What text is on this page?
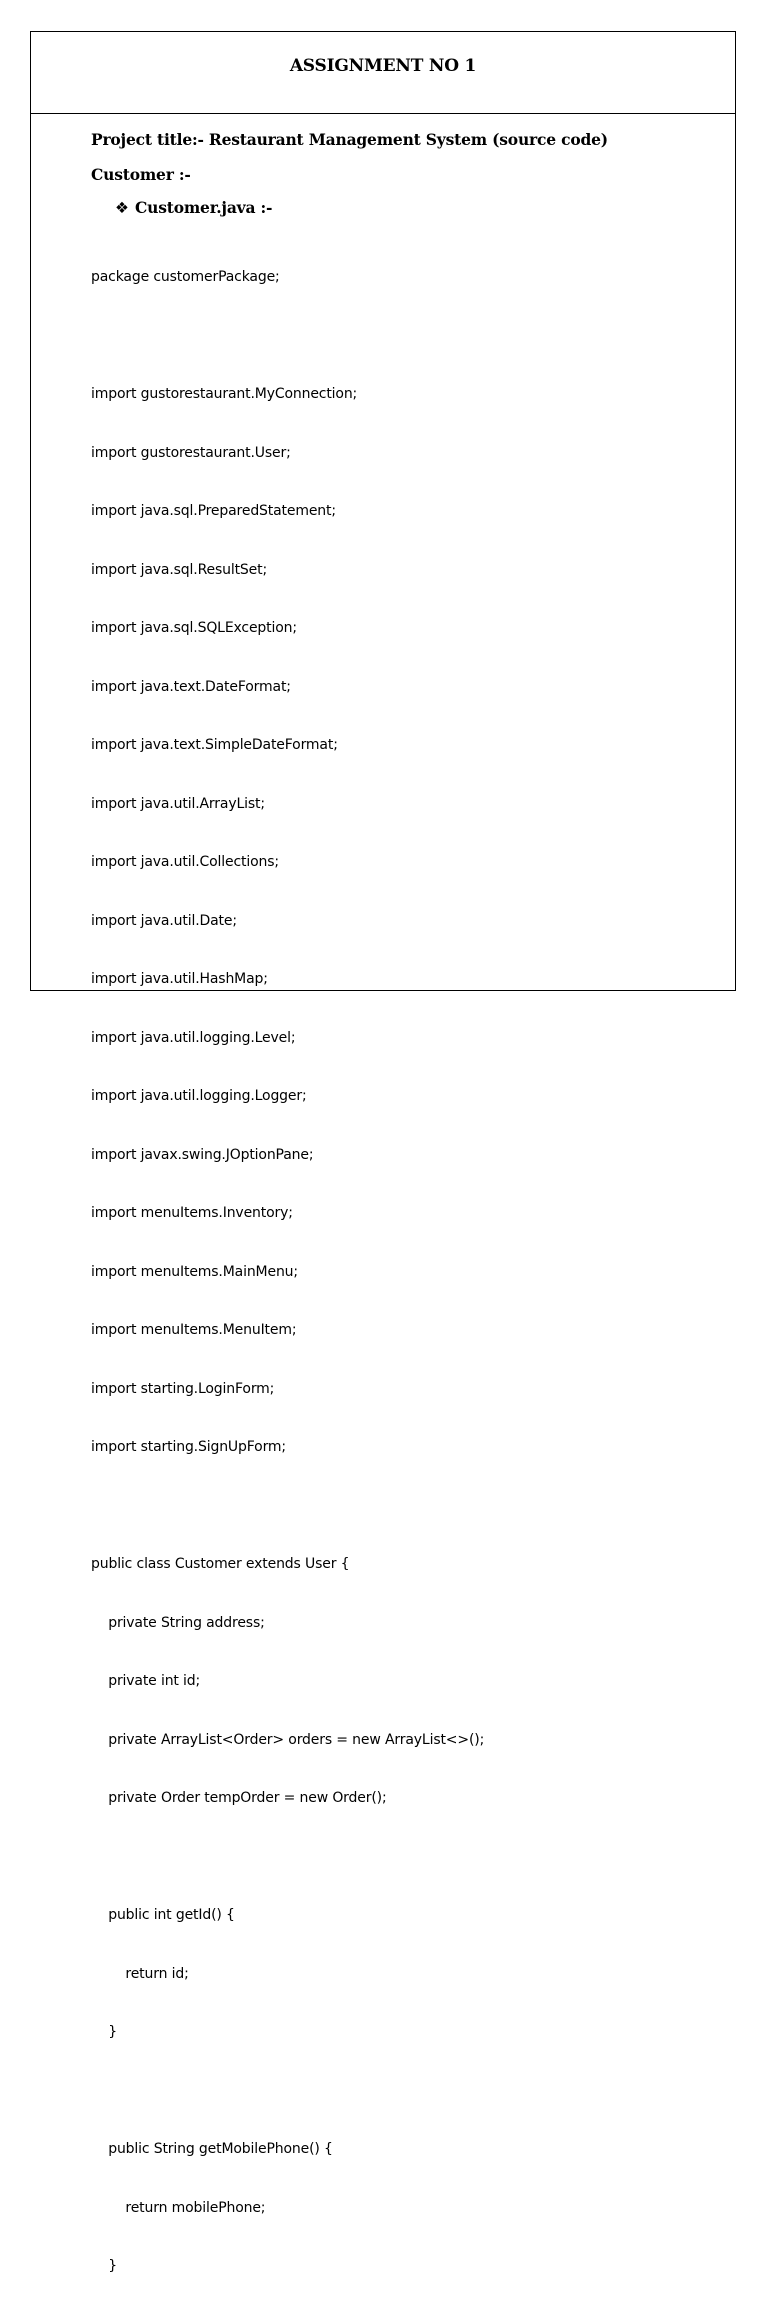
ASSIGNMENT NO 1
Project title:- Restaurant Management System (source code)
Customer :-
❖ Customer.java :-

package customerPackage;

import gustorestaurant.MyConnection;

import gustorestaurant.User;

import java.sql.PreparedStatement;

import java.sql.ResultSet;

import java.sql.SQLException;

import java.text.DateFormat;

import java.text.SimpleDateFormat;

import java.util.ArrayList;

import java.util.Collections;

import java.util.Date;

import java.util.HashMap;

import java.util.logging.Level;

import java.util.logging.Logger;

import javax.swing.JOptionPane;

import menuItems.Inventory;

import menuItems.MainMenu;

import menuItems.MenuItem;

import starting.LoginForm;

import starting.SignUpForm;

public class Customer extends User {

private String address;

private int id;

private ArrayList<Order> orders = new ArrayList<>();

private Order tempOrder = new Order();

public int getId() {

return id;

}

public String getMobilePhone() {

return mobilePhone;

}
